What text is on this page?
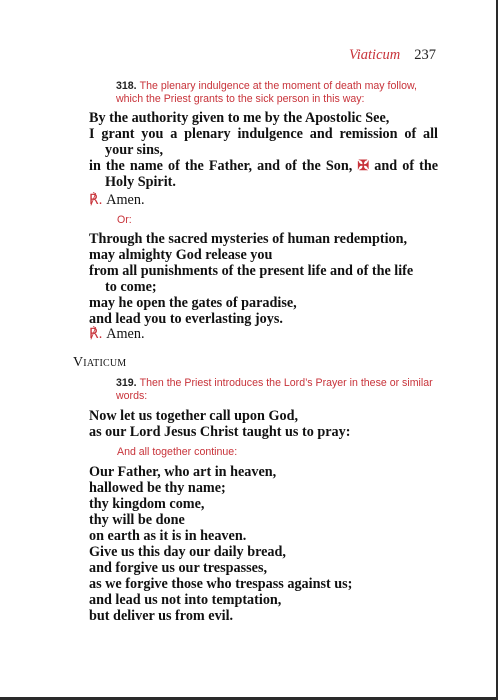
Viaticum 237
318. The plenary indulgence at the moment of death may follow, which the Priest grants to the sick person in this way:
By the authority given to me by the Apostolic See,
I grant you a plenary indulgence and remission of all
your sins,
in the name of the Father, and of the Son, ✠ and of the
Holy Spirit.
℟. Amen.
Or:
Through the sacred mysteries of human redemption,
may almighty God release you
from all punishments of the present life and of the life
to come;
may he open the gates of paradise,
and lead you to everlasting joys.
℟. Amen.
Viaticum
319. Then the Priest introduces the Lord’s Prayer in these or similar words:
Now let us together call upon God,
as our Lord Jesus Christ taught us to pray:
And all together continue:
Our Father, who art in heaven,
hallowed be thy name;
thy kingdom come,
thy will be done
on earth as it is in heaven.
Give us this day our daily bread,
and forgive us our trespasses,
as we forgive those who trespass against us;
and lead us not into temptation,
but deliver us from evil.
